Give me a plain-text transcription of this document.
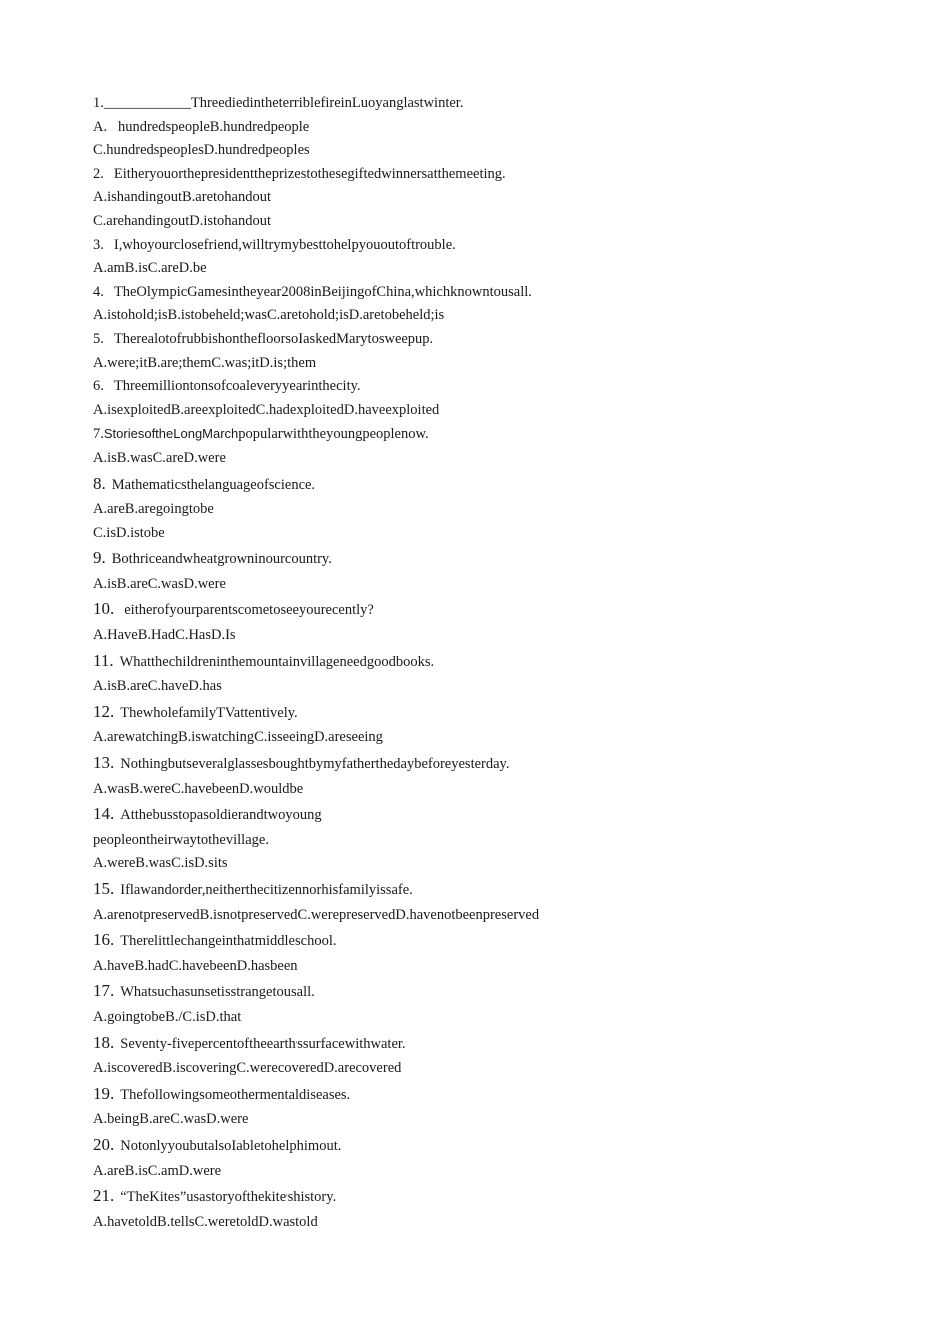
1.____________ThreediedintheterriblefireinLuoyanglastwinter.
A.   hundredspeopleB.hundredpeople
C.hundredspeoplesD.hundredpeoples
2. Eitheryouorthepresidenttheprizestothesegiftedwinnersatthemeeting.
A.ishandingoutB.aretohandout
C.arehandingoutD.istohandout
3. I,whoyourclosefriend,willtrymybesttohelpyououtoftrouble.
A.amB.isC.areD.be
4. TheOlympicGamesintheyear2008inBeijingofChina,whichknowntousall.
A.istohold;isB.istobeheld;wasC.aretohold;isD.aretobeheld;is
5. TherealotofrubbishonthefloorsoIaskedMarytosweepup.
A.were;itB.are;themC.was;itD.is;them
6. Threemilliontonsofcoaleveryyearinthecity.
A.isexploitedB.areexploitedC.hadexploitedD.haveexploited
7.StoriesoftheLongMarchpopularwiththeyoungpeoplenow.
A.isB.wasC.areD.were
8. Mathematicsthelanguageofscience.
A.areB.aregoingtobe
C.isD.istobe
9. Bothriceandwheatgrowninourcountry.
A.isB.areC.wasD.were
10. eitherofyourparentscometoseeyourecently?
A.HaveB.HadC.HasD.Is
11. Whatthechildreninthemountainvillageneedgoodbooks.
A.isB.areC.haveD.has
12. ThewholefamilyTVattentively.
A.arewatchingB.iswatchingC.isseeingD.areseeing
13. Nothingbutseveralglassesboughtbymyfatherthedaybeforeyesterday.
A.wasB.wereC.havebeenD.wouldbe
14. Atthebusstopasoldierandtwoyoung
peopleontheirwaytothevillage.
A.wereB.wasC.isD.sits
15. Iflawandorder,neitherthecitizennorhisfamilyissafe.
A.arenotpreservedB.isnotpreservedC.werepreservedD.havenotbeenpreserved
16. Therelittlechangeinthatmiddleschool.
A.haveB.hadC.havebeenD.hasbeen
17. Whatsuchasunsetisstrangetousall.
A.goingtobeB./C.isD.that
18. Seventy-fivepercentoftheearth'ssurfacewithwater.
A.iscoveredB.iscoveringC.werecoveredD.arecovered
19. Thefollowingsomeothermentaldiseases.
A.beingB.areC.wasD.were
20. NotonlyyoubutalsoIabletohelphimout.
A.areB.isC.amD.were
21. “TheKites”usastoryofthekite'shistory.
A.havetoldB.tellsC.weretoldD.wastold
